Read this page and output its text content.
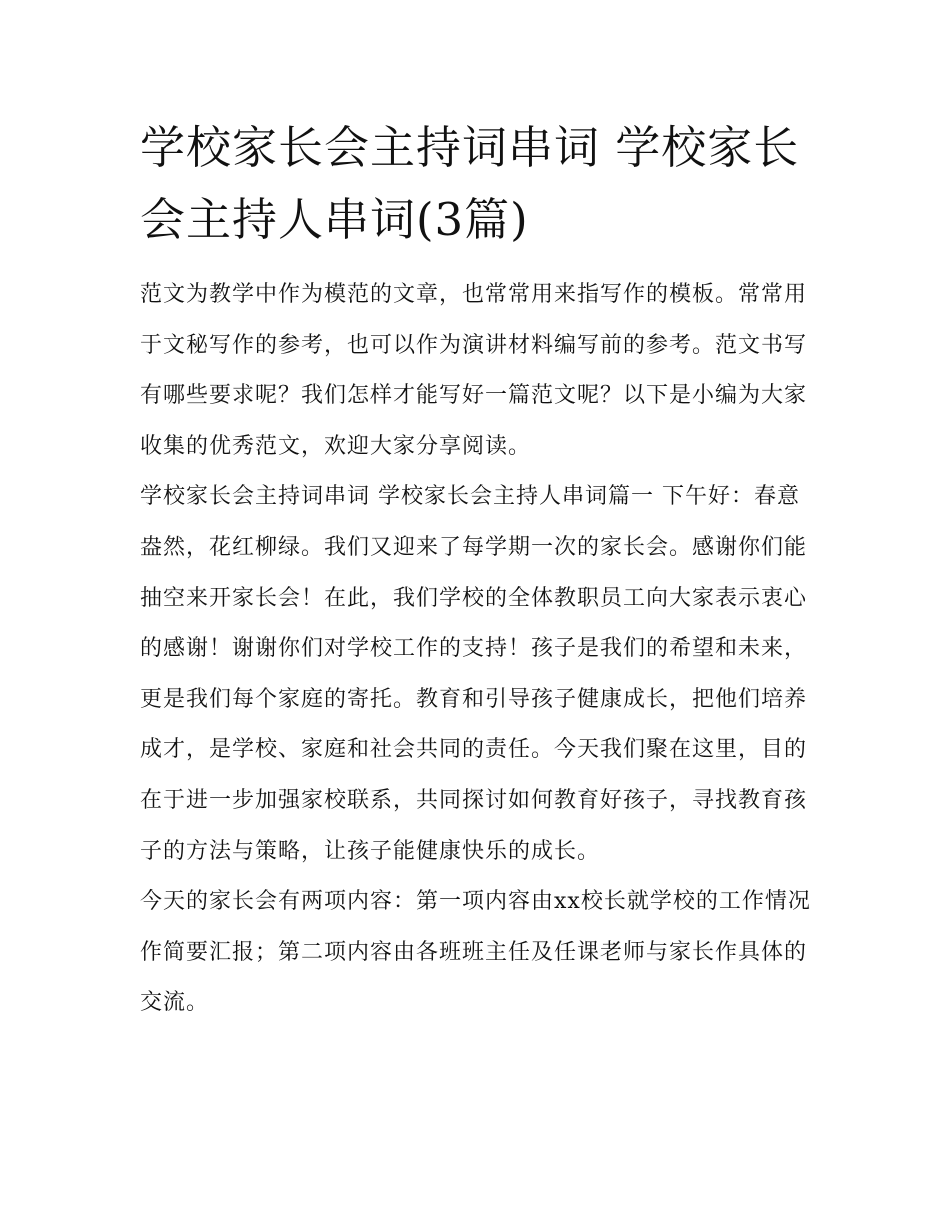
学校家长会主持词串词 学校家长会主持人串词(3篇)

范文为教学中作为模范的文章，也常常用来指写作的模板。常常用于文秘写作的参考，也可以作为演讲材料编写前的参考。范文书写有哪些要求呢？我们怎样才能写好一篇范文呢？以下是小编为大家收集的优秀范文，欢迎大家分享阅读。

学校家长会主持词串词 学校家长会主持人串词篇一 下午好：春意盎然，花红柳绿。我们又迎来了每学期一次的家长会。感谢你们能抽空来开家长会！在此，我们学校的全体教职员工向大家表示衷心的感谢！谢谢你们对学校工作的支持！孩子是我们的希望和未来，更是我们每个家庭的寄托。教育和引导孩子健康成长，把他们培养成才，是学校、家庭和社会共同的责任。今天我们聚在这里，目的在于进一步加强家校联系，共同探讨如何教育好孩子，寻找教育孩子的方法与策略，让孩子能健康快乐的成长。

今天的家长会有两项内容：第一项内容由xx校长就学校的工作情况作简要汇报；第二项内容由各班班主任及任课老师与家长作具体的交流。
